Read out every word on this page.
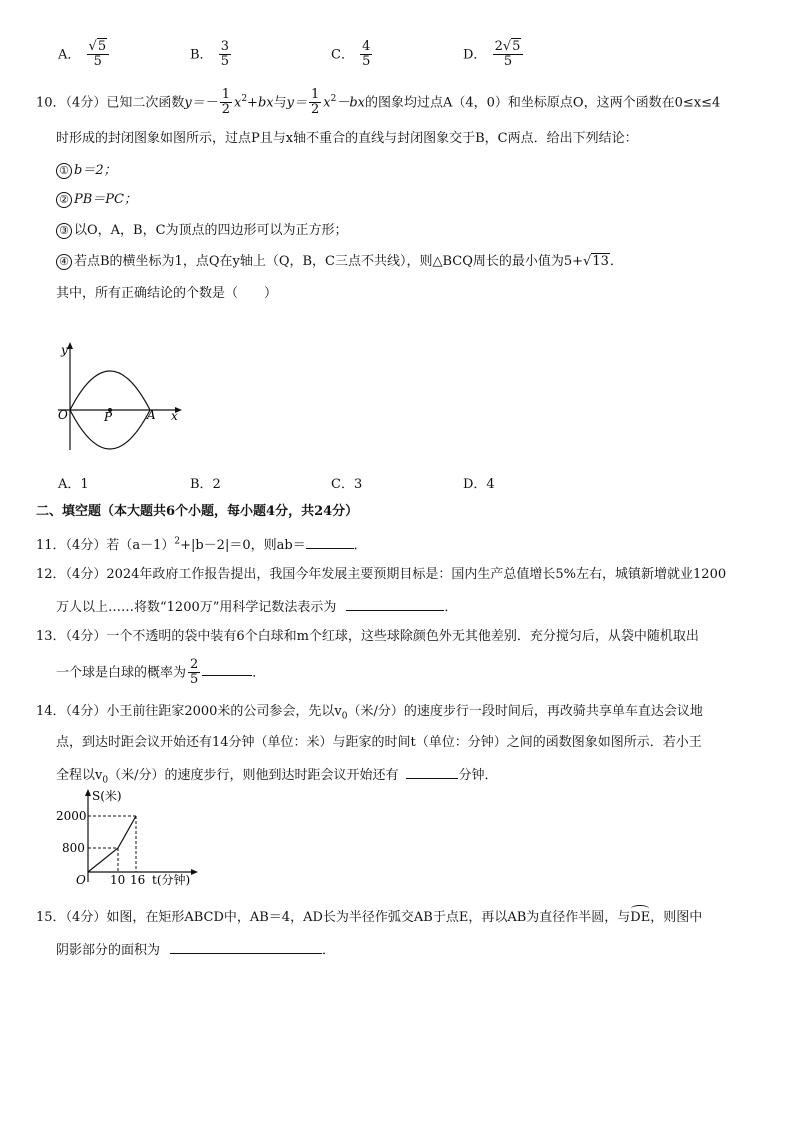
A． $\frac{√5}{5}$	B． $\frac{3}{5}$	C． $\frac{4}{5}$	D． $\frac{2√5}{5}$
10．（4分）已知二次函数$y=- \frac{1}{2} x^2+bx$与$y= \frac{1}{2} x^2-bx$的图象均过点A（4，0）和坐标原点O，这两个函数在0≤x≤4
时形成的封闭图象如图所示，过点P且与x轴不重合的直线与封闭图象交于B，C两点．给出下列结论：
① b＝2；
② PB＝PC；
③ 以O，A，B，C为顶点的四边形可以为正方形；
④ 若点B的横坐标为1，点Q在y轴上（Q，B，C三点不共线），则△BCQ周长的最小值为5+√13．
其中，所有正确结论的个数是（　　）
y
O	P	A x
A．1	B．2	C．3	D．4
二、填空题（本大题共6个小题，每小题4分，共24分）
11．（4分）若$(a-1)^2+|b-2|=0$，则ab＝	．
12．（4分）2024年政府工作报告提出，我国今年发展主要预期目标是：国内生产总值增长5%左右，城镇新增就业1200
万人以上……将数“1200万”用科学记数法表示为	．
13．（4分）一个不透明的袋中装有6个白球和m个红球，这些球除颜色外无其他差别．充分搅匀后，从袋中随机取出
一个球是白球的概率为 $\frac{2}{5}$	．
14．（4分）小王前往距家2000米的公司参会，先以$v_0$（米/分）的速度步行一段时间后，再改骑共享单车直达会议地
点，到达时距会议开始还有14分钟（单位：米）与距家的时间t（单位：分钟）之间的函数图象如图所示．若小王
全程以$v_0$（米/分）的速度步行，则他到达时距会议开始还有	分钟．
S(米)
2000
800
O 10 16 t(分钟)
15．（4分）如图，在矩形ABCD中，AB＝4，AD长为半径作弧交AB于点E，再以AB为直径作半圆，与
DE，则图中
阴影部分的面积为	．
